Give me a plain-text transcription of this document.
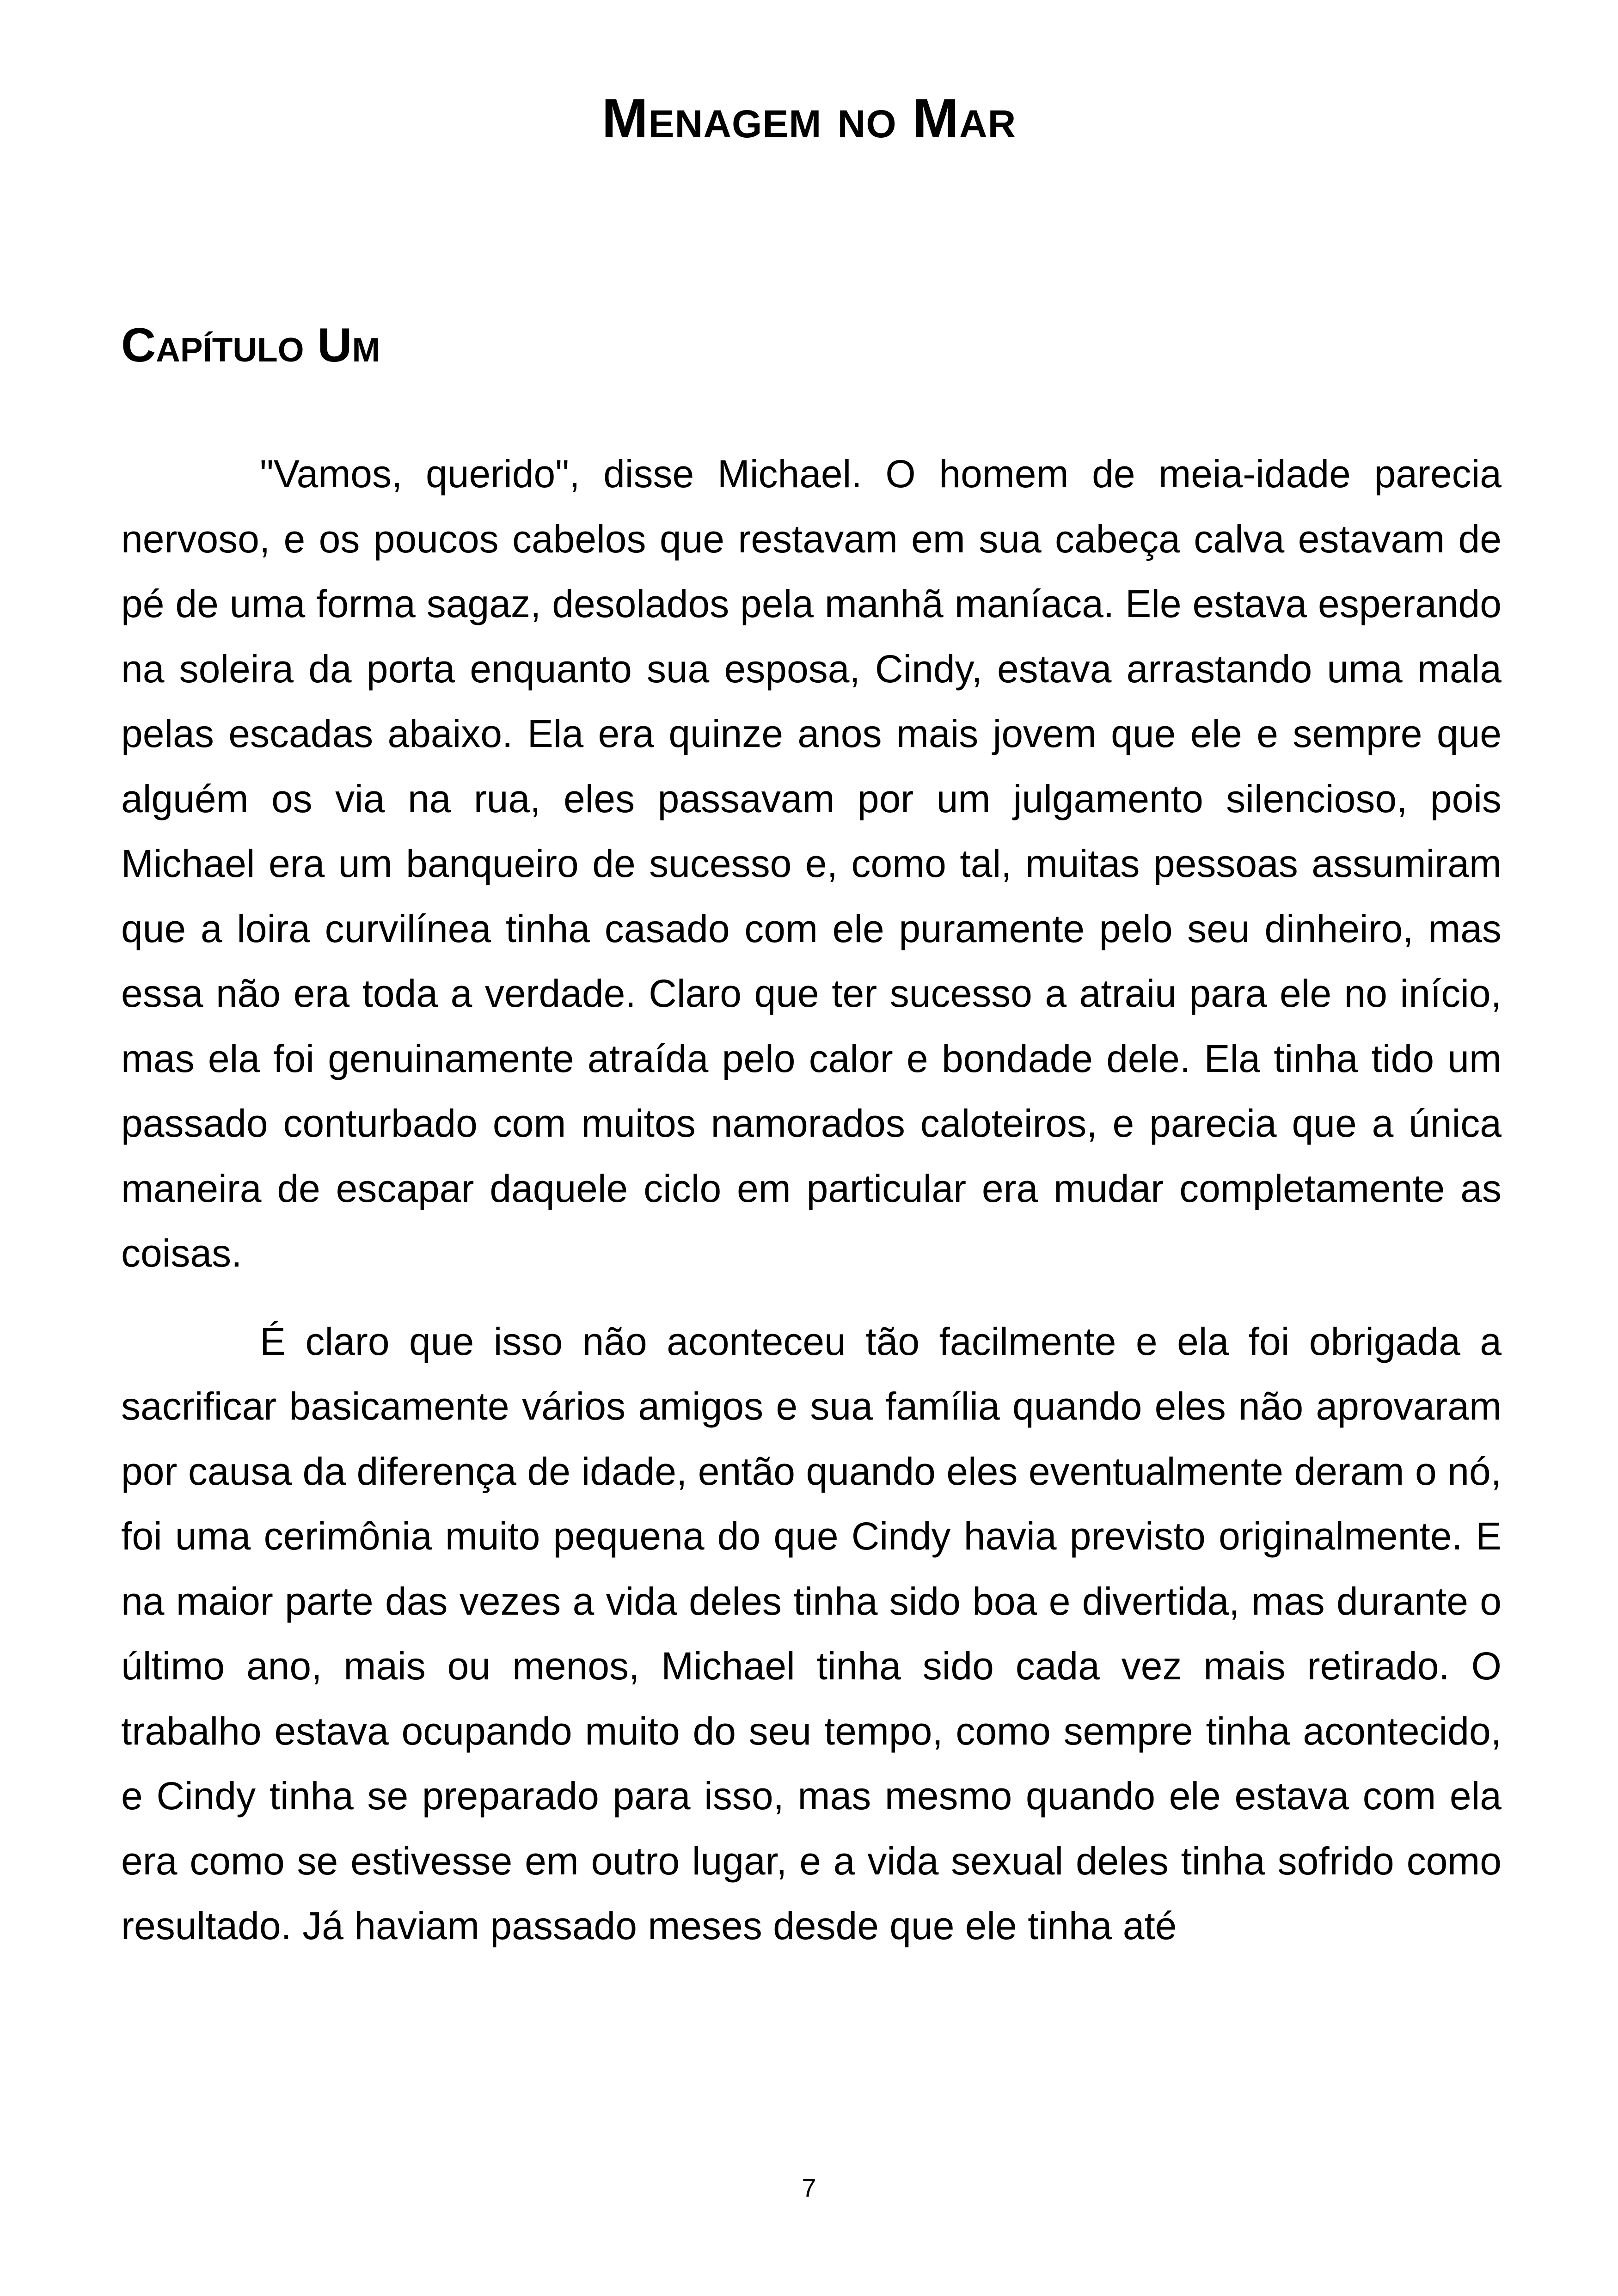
Menagem no Mar
Capítulo Um

"Vamos, querido", disse Michael. O homem de meia-idade parecia nervoso, e os poucos cabelos que restavam em sua cabeça calva estavam de pé de uma forma sagaz, desolados pela manhã maníaca. Ele estava esperando na soleira da porta enquanto sua esposa, Cindy, estava arrastando uma mala pelas escadas abaixo. Ela era quinze anos mais jovem que ele e sempre que alguém os via na rua, eles passavam por um julgamento silencioso, pois Michael era um banqueiro de sucesso e, como tal, muitas pessoas assumiram que a loira curvilínea tinha casado com ele puramente pelo seu dinheiro, mas essa não era toda a verdade. Claro que ter sucesso a atraiu para ele no início, mas ela foi genuinamente atraída pelo calor e bondade dele. Ela tinha tido um passado conturbado com muitos namorados caloteiros, e parecia que a única maneira de escapar daquele ciclo em particular era mudar completamente as coisas.

É claro que isso não aconteceu tão facilmente e ela foi obrigada a sacrificar basicamente vários amigos e sua família quando eles não aprovaram por causa da diferença de idade, então quando eles eventualmente deram o nó, foi uma cerimônia muito pequena do que Cindy havia previsto originalmente. E na maior parte das vezes a vida deles tinha sido boa e divertida, mas durante o último ano, mais ou menos, Michael tinha sido cada vez mais retirado. O trabalho estava ocupando muito do seu tempo, como sempre tinha acontecido, e Cindy tinha se preparado para isso, mas mesmo quando ele estava com ela era como se estivesse em outro lugar, e a vida sexual deles tinha sofrido como resultado. Já haviam passado meses desde que ele tinha até

7
